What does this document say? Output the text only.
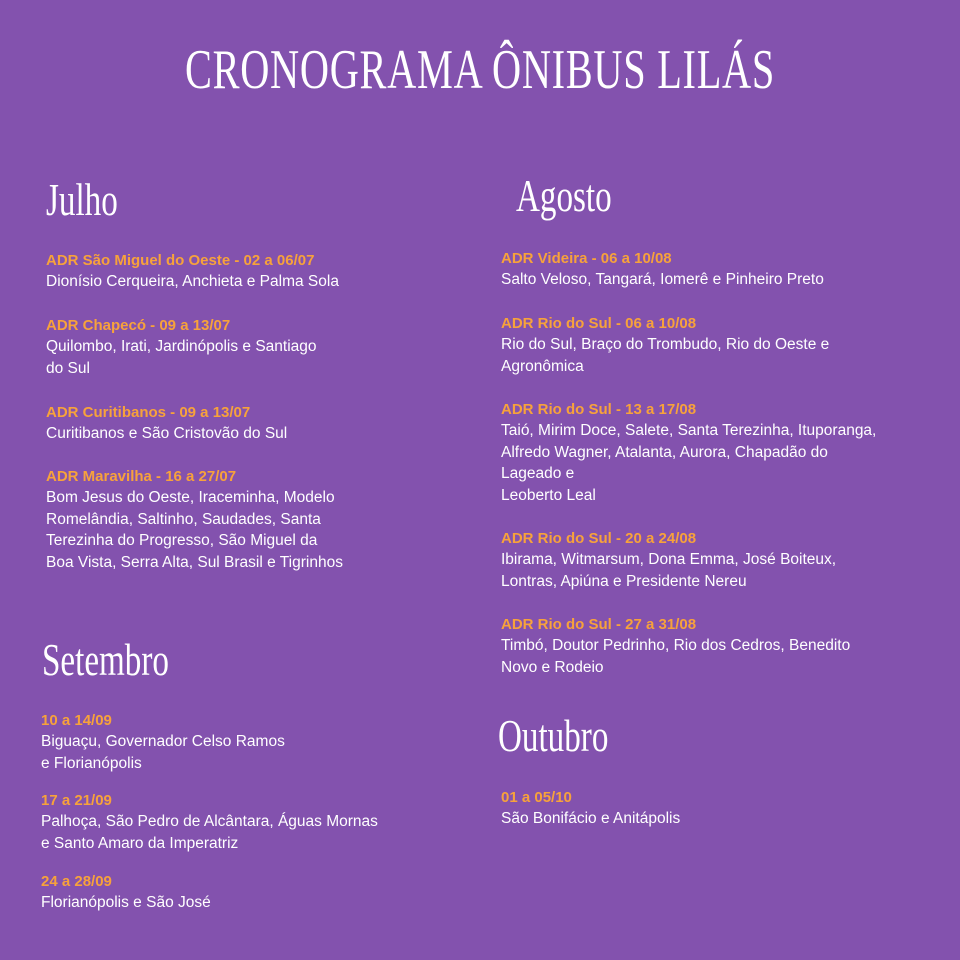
CRONOGRAMA ÔNIBUS LILÁS
Julho
ADR São Miguel do Oeste - 02 a 06/07
Dionísio Cerqueira, Anchieta e Palma Sola
ADR Chapecó - 09 a 13/07
Quilombo, Irati, Jardinópolis e Santiago
do Sul
ADR Curitibanos - 09 a 13/07
Curitibanos e São Cristovão do Sul
ADR Maravilha - 16 a 27/07
Bom Jesus do Oeste, Iraceminha, Modelo
Romelândia, Saltinho, Saudades, Santa
Terezinha do Progresso, São Miguel da
Boa Vista, Serra Alta, Sul Brasil e Tigrinhos
Agosto
ADR Videira - 06 a 10/08
Salto Veloso, Tangará, Iomerê e Pinheiro Preto
ADR Rio do Sul - 06 a 10/08
Rio do Sul, Braço do Trombudo, Rio do Oeste e
Agronômica
ADR Rio do Sul - 13 a 17/08
Taió, Mirim Doce, Salete, Santa Terezinha, Ituporanga,
Alfredo Wagner, Atalanta, Aurora, Chapadão do
Lageado e
Leoberto Leal
ADR Rio do Sul - 20 a 24/08
Ibirama, Witmarsum, Dona Emma, José Boiteux,
Lontras, Apiúna e Presidente Nereu
ADR Rio do Sul - 27 a 31/08
Timbó, Doutor Pedrinho, Rio dos Cedros, Benedito
Novo e Rodeio
Setembro
10 a 14/09
Biguaçu, Governador Celso Ramos
e Florianópolis
17 a 21/09
Palhoça, São Pedro de Alcântara, Águas Mornas
e Santo Amaro da Imperatriz
24 a 28/09
Florianópolis e São José
Outubro
01 a 05/10
São Bonifácio e Anitápolis
